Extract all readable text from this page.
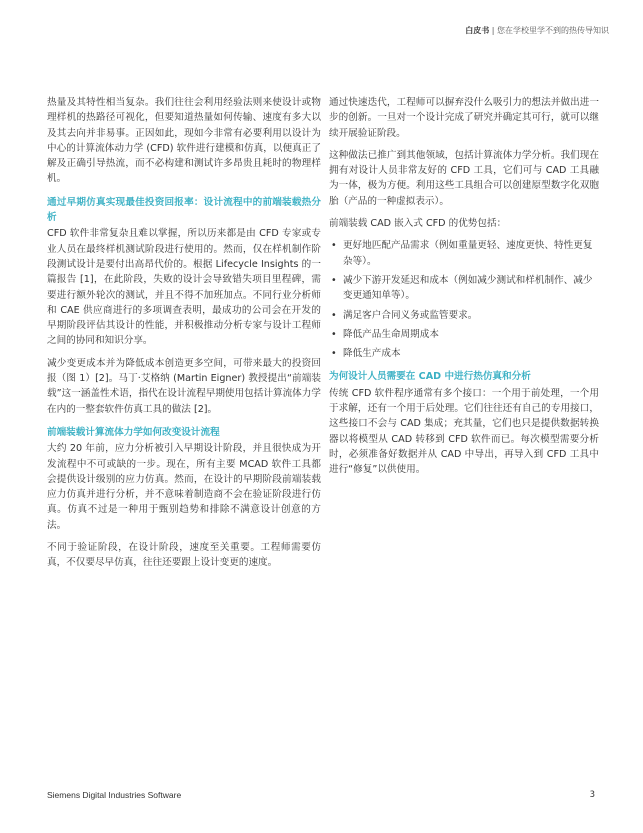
白皮书 | 您在学校里学不到的热传导知识

热量及其特性相当复杂。我们往往会利用经验法则来使设计或物理样机的热路径可视化，但要知道热量如何传输、速度有多大以及其去向并非易事。正因如此，现如今非常有必要利用以设计为中心的计算流体动力学 (CFD) 软件进行建模和仿真，以便真正了解及正确引导热流，而不必构建和测试许多昂贵且耗时的物理样机。

通过早期仿真实现最佳投资回报率：设计流程中的前端装载热分析

CFD 软件非常复杂且难以掌握，所以历来都是由 CFD 专家或专业人员在最终样机测试阶段进行使用的。然而，仅在样机制作阶段测试设计是要付出高昂代价的。根据 Lifecycle Insights 的一篇报告 [1]，在此阶段，失败的设计会导致错失项目里程碑，需要进行额外轮次的测试，并且不得不加班加点。不同行业分析师和 CAE 供应商进行的多项调查表明，最成功的公司会在开发的早期阶段评估其设计的性能，并积极推动分析专家与设计工程师之间的协同和知识分享。

减少变更成本并为降低成本创造更多空间，可带来最大的投资回报（图 1）[2]。马丁·艾格纳 (Martin Eigner) 教授提出“前端装载”这一涵盖性术语，指代在设计流程早期使用包括计算流体力学在内的一整套软件仿真工具的做法 [2]。

前端装载计算流体力学如何改变设计流程

大约 20 年前，应力分析被引入早期设计阶段，并且很快成为开发流程中不可或缺的一步。现在，所有主要 MCAD 软件工具都会提供设计级别的应力仿真。然而，在设计的早期阶段前端装载应力仿真并进行分析，并不意味着制造商不会在验证阶段进行仿真。仿真不过是一种用于甄别趋势和排除不满意设计创意的方法。

不同于验证阶段，在设计阶段，速度至关重要。工程师需要仿真，不仅要尽早仿真，往往还要跟上设计变更的速度。

通过快速迭代，工程师可以摒弃没什么吸引力的想法并做出进一步的创新。一旦对一个设计完成了研究并确定其可行，就可以继续开展验证阶段。

这种做法已推广到其他领域，包括计算流体力学分析。我们现在拥有对设计人员非常友好的 CFD 工具，它们可与 CAD 工具融为一体，极为方便。利用这些工具组合可以创建原型数字化双胞胎（产品的一种虚拟表示）。

前端装载 CAD 嵌入式 CFD 的优势包括：

• 更好地匹配产品需求（例如重量更轻、速度更快、特性更复杂等）。
• 减少下游开发延迟和成本（例如减少测试和样机制作、减少变更通知单等）。
• 满足客户合同义务或监管要求。
• 降低产品生命周期成本
• 降低生产成本
为何设计人员需要在 CAD 中进行热仿真和分析

传统 CFD 软件程序通常有多个接口：一个用于前处理，一个用于求解，还有一个用于后处理。它们往往还有自己的专用接口，这些接口不会与 CAD 集成；充其量，它们也只是提供数据转换器以将模型从 CAD 转移到 CFD 软件而已。每次模型需要分析时，必须准备好数据并从 CAD 中导出，再导入到 CFD 工具中进行“修复”以供使用。

Siemens Digital Industries Software	3
